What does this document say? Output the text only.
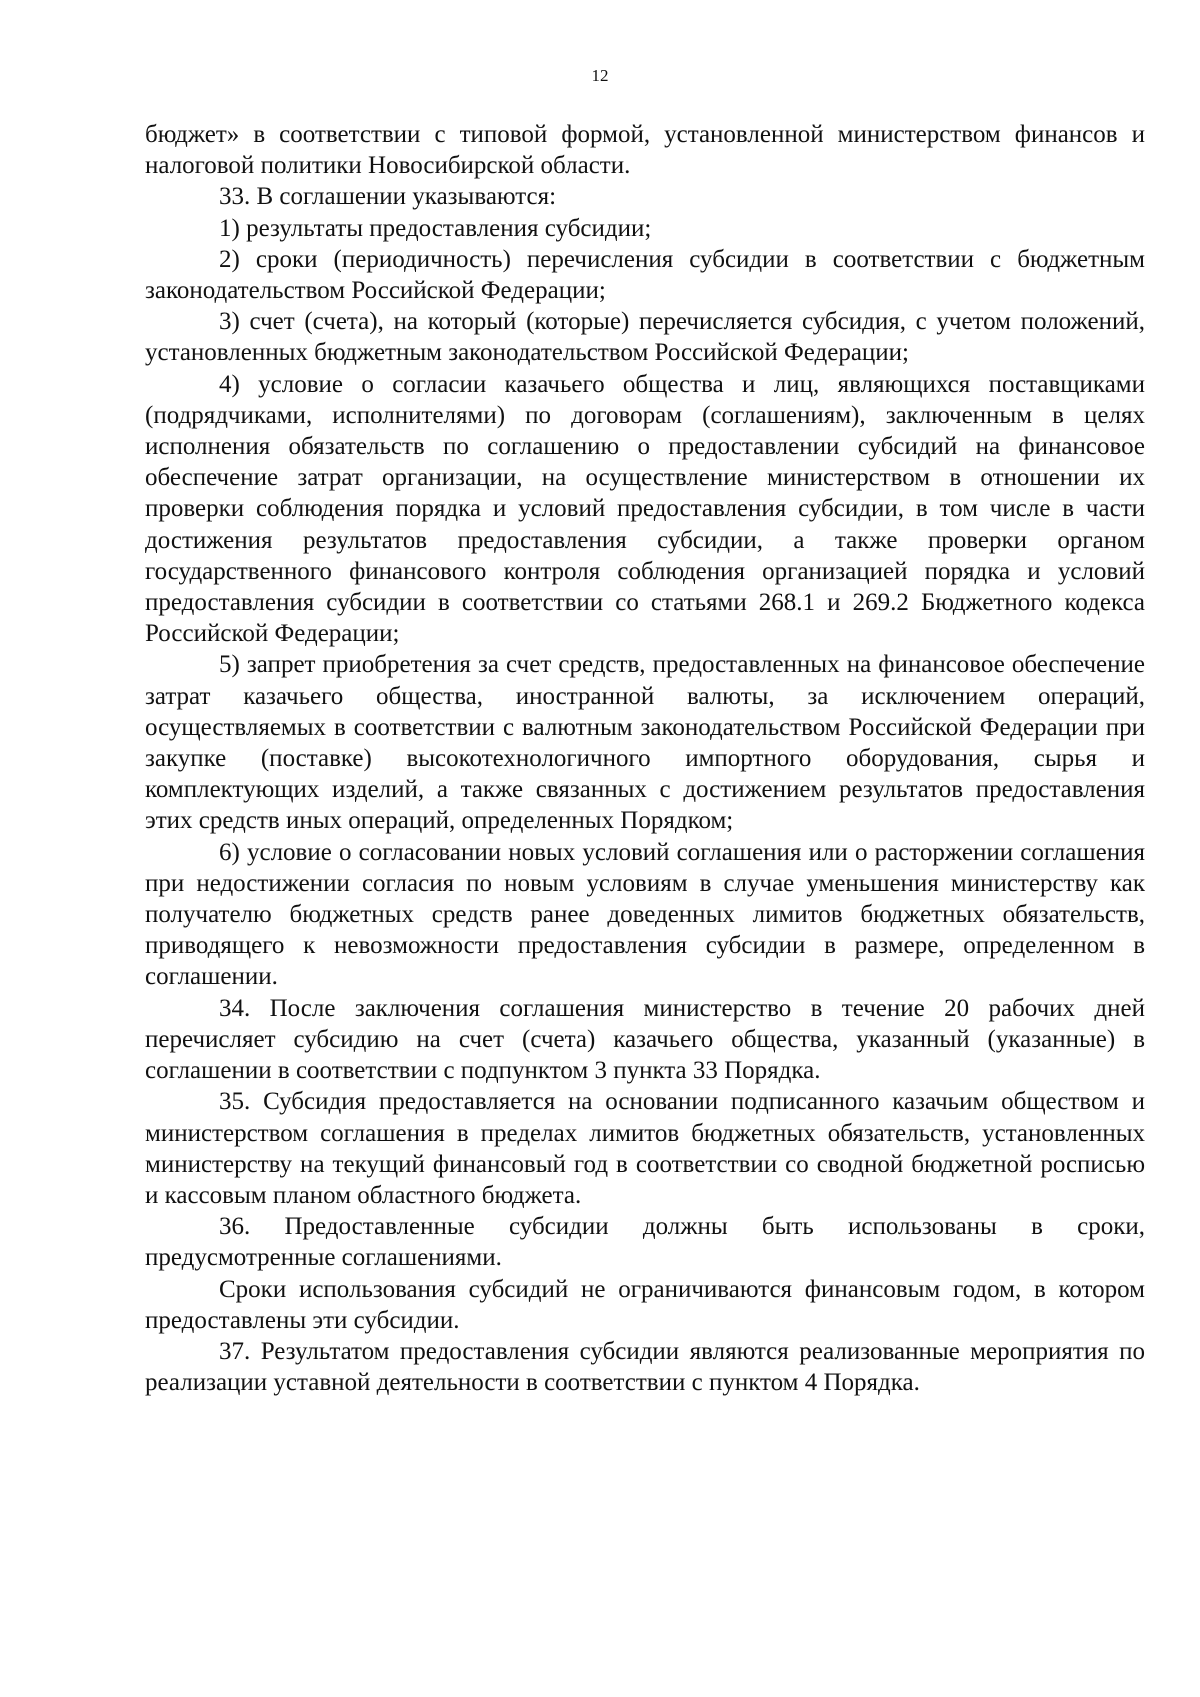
12

бюджет» в соответствии с типовой формой, установленной министерством финансов и налоговой политики Новосибирской области.

33. В соглашении указываются:

1) результаты предоставления субсидии;

2) сроки (периодичность) перечисления субсидии в соответствии с бюджетным законодательством Российской Федерации;

3) счет (счета), на который (которые) перечисляется субсидия, с учетом положений, установленных бюджетным законодательством Российской Федерации;

4) условие о согласии казачьего общества и лиц, являющихся поставщиками (подрядчиками, исполнителями) по договорам (соглашениям), заключенным в целях исполнения обязательств по соглашению о предоставлении субсидий на финансовое обеспечение затрат организации, на осуществление министерством в отношении их проверки соблюдения порядка и условий предоставления субсидии, в том числе в части достижения результатов предоставления субсидии, а также проверки органом государственного финансового контроля соблюдения организацией порядка и условий предоставления субсидии в соответствии со статьями 268.1 и 269.2 Бюджетного кодекса Российской Федерации;

5) запрет приобретения за счет средств, предоставленных на финансовое обеспечение затрат казачьего общества, иностранной валюты, за исключением операций, осуществляемых в соответствии с валютным законодательством Российской Федерации при закупке (поставке) высокотехнологичного импортного оборудования, сырья и комплектующих изделий, а также связанных с достижением результатов предоставления этих средств иных операций, определенных Порядком;

6) условие о согласовании новых условий соглашения или о расторжении соглашения при недостижении согласия по новым условиям в случае уменьшения министерству как получателю бюджетных средств ранее доведенных лимитов бюджетных обязательств, приводящего к невозможности предоставления субсидии в размере, определенном в соглашении.

34. После заключения соглашения министерство в течение 20 рабочих дней перечисляет субсидию на счет (счета) казачьего общества, указанный (указанные) в соглашении в соответствии с подпунктом 3 пункта 33 Порядка.

35. Субсидия предоставляется на основании подписанного казачьим обществом и министерством соглашения в пределах лимитов бюджетных обязательств, установленных министерству на текущий финансовый год в соответствии со сводной бюджетной росписью и кассовым планом областного бюджета.

36. Предоставленные субсидии должны быть использованы в сроки, предусмотренные соглашениями.

Сроки использования субсидий не ограничиваются финансовым годом, в котором предоставлены эти субсидии.

37. Результатом предоставления субсидии являются реализованные мероприятия по реализации уставной деятельности в соответствии с пунктом 4 Порядка.
